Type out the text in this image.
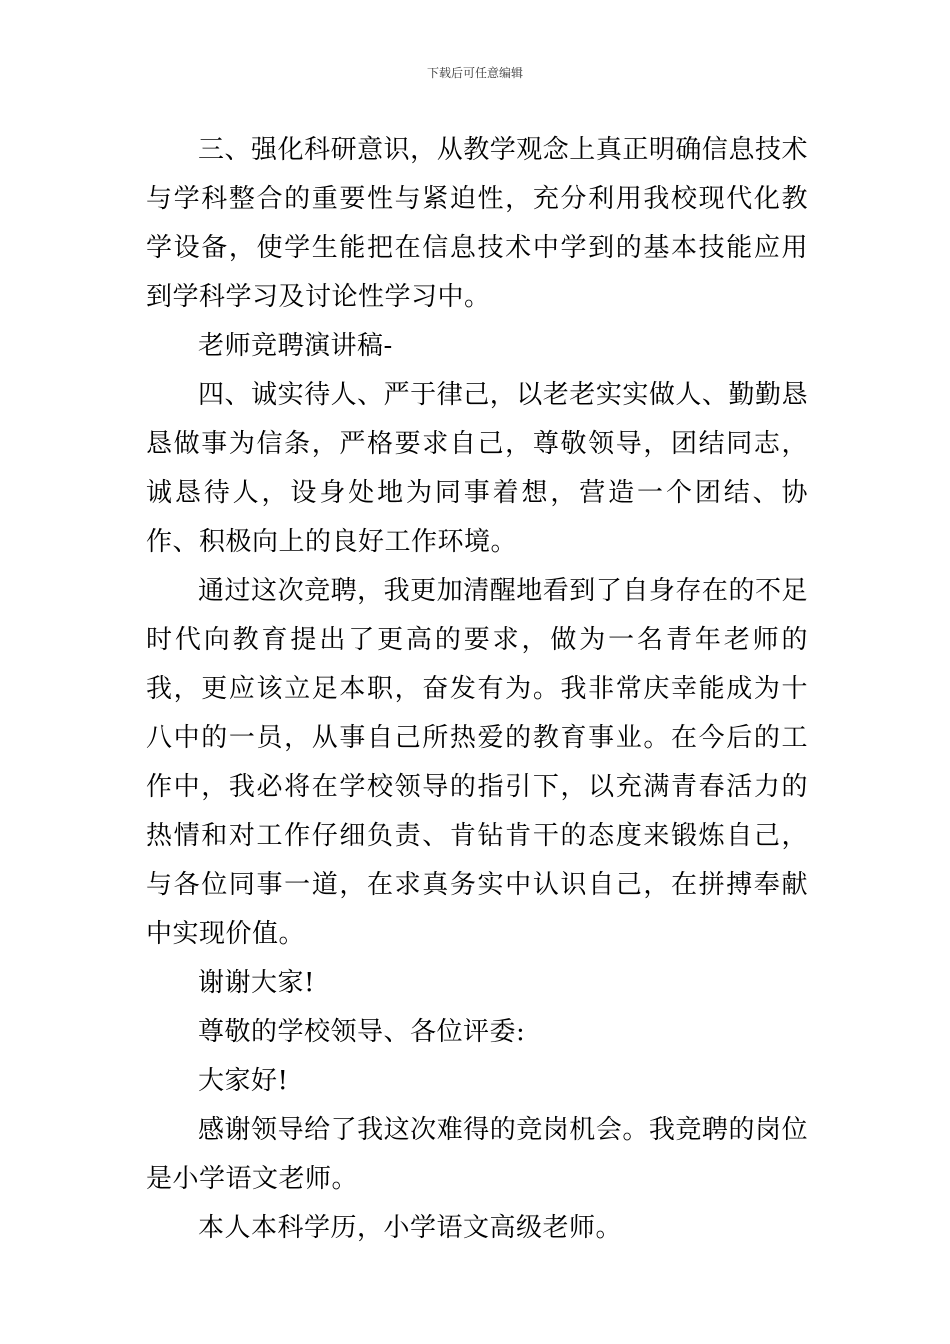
下载后可任意编辑

三、强化科研意识，从教学观念上真正明确信息技术与学科整合的重要性与紧迫性，充分利用我校现代化教学设备，使学生能把在信息技术中学到的基本技能应用到学科学习及讨论性学习中。

老师竞聘演讲稿-

四、诚实待人、严于律己，以老老实实做人、勤勤恳恳做事为信条，严格要求自己，尊敬领导，团结同志，诚恳待人，设身处地为同事着想，营造一个团结、协作、积极向上的良好工作环境。

通过这次竞聘，我更加清醒地看到了自身存在的不足时代向教育提出了更高的要求，做为一名青年老师的我，更应该立足本职，奋发有为。我非常庆幸能成为十八中的一员，从事自己所热爱的教育事业。在今后的工作中，我必将在学校领导的指引下，以充满青春活力的热情和对工作仔细负责、肯钻肯干的态度来锻炼自己，与各位同事一道，在求真务实中认识自己，在拼搏奉献中实现价值。

谢谢大家!

尊敬的学校领导、各位评委:

大家好!

感谢领导给了我这次难得的竞岗机会。我竞聘的岗位是小学语文老师。

本人本科学历，小学语文高级老师。
